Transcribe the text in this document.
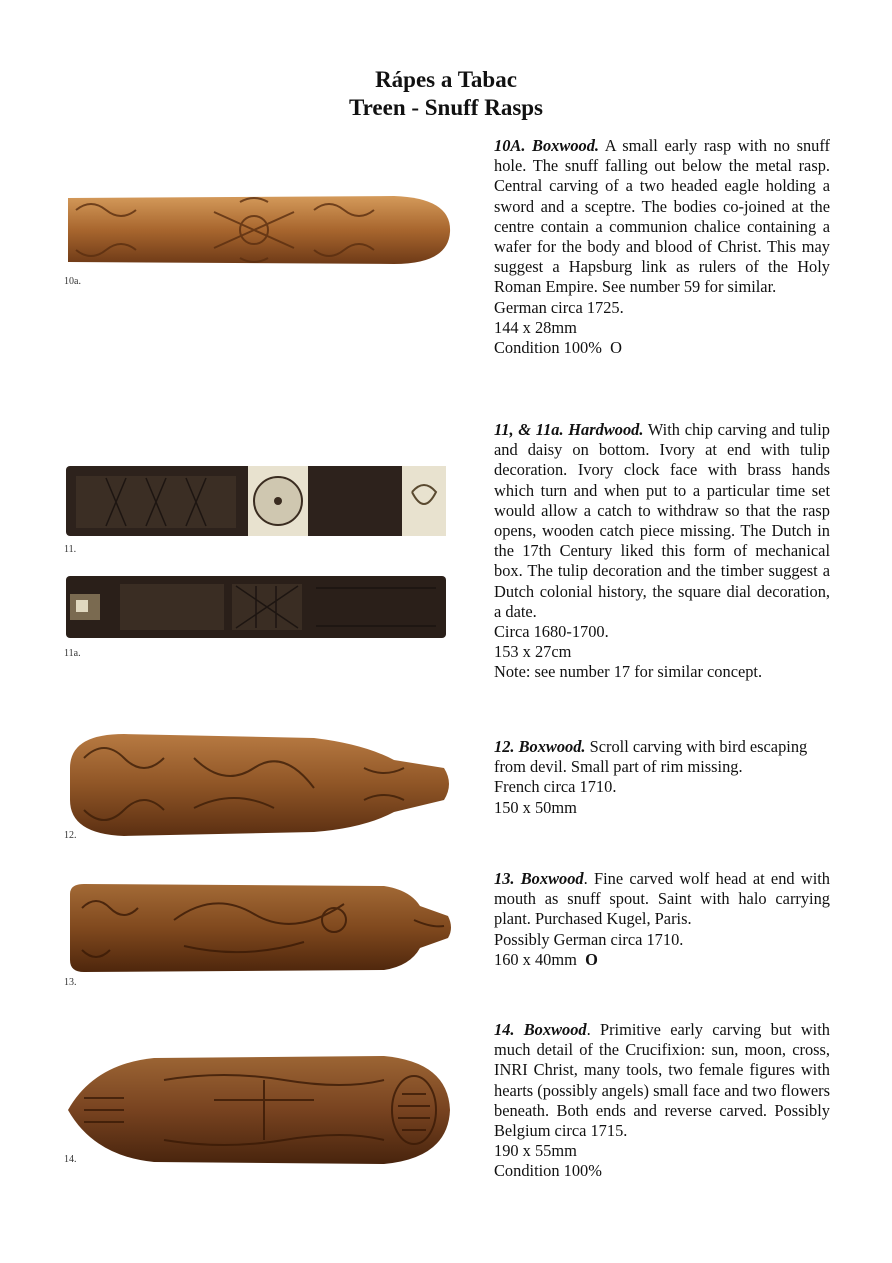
Rápes a Tabac
Treen - Snuff Rasps
10a.

10A. Boxwood. A small early rasp with no snuff hole. The snuff falling out below the metal rasp. Central carving of a two headed eagle holding a sword and a sceptre. The bodies co-joined at the centre contain a communion chalice containing a wafer for the body and blood of Christ. This may suggest a Hapsburg link as rulers of the Holy Roman Empire. See number 59 for similar.

German circa 1725.

144 x 28mm

Condition 100% O

11.
11a.

11, & 11a. Hardwood. With chip carving and tulip and daisy on bottom. Ivory at end with tulip decoration. Ivory clock face with brass hands which turn and when put to a particular time set would allow a catch to withdraw so that the rasp opens, wooden catch piece missing. The Dutch in the 17th Century liked this form of mechanical box. The tulip decoration and the timber suggest a Dutch colonial history, the square dial decoration, a date.

Circa 1680-1700.

153 x 27cm

Note: see number 17 for similar concept.

12.

12. Boxwood. Scroll carving with bird escaping from devil. Small part of rim missing.

French circa 1710.

150 x 50mm

13.

13. Boxwood. Fine carved wolf head at end with mouth as snuff spout. Saint with halo carrying plant. Purchased Kugel, Paris.

Possibly German circa 1710.

160 x 40mm O

14.

14. Boxwood. Primitive early carving but with much detail of the Crucifixion: sun, moon, cross, INRI Christ, many tools, two female figures with hearts (possibly angels) small face and two flowers beneath. Both ends and reverse carved. Possibly Belgium circa 1715.

190 x 55mm

Condition 100%
